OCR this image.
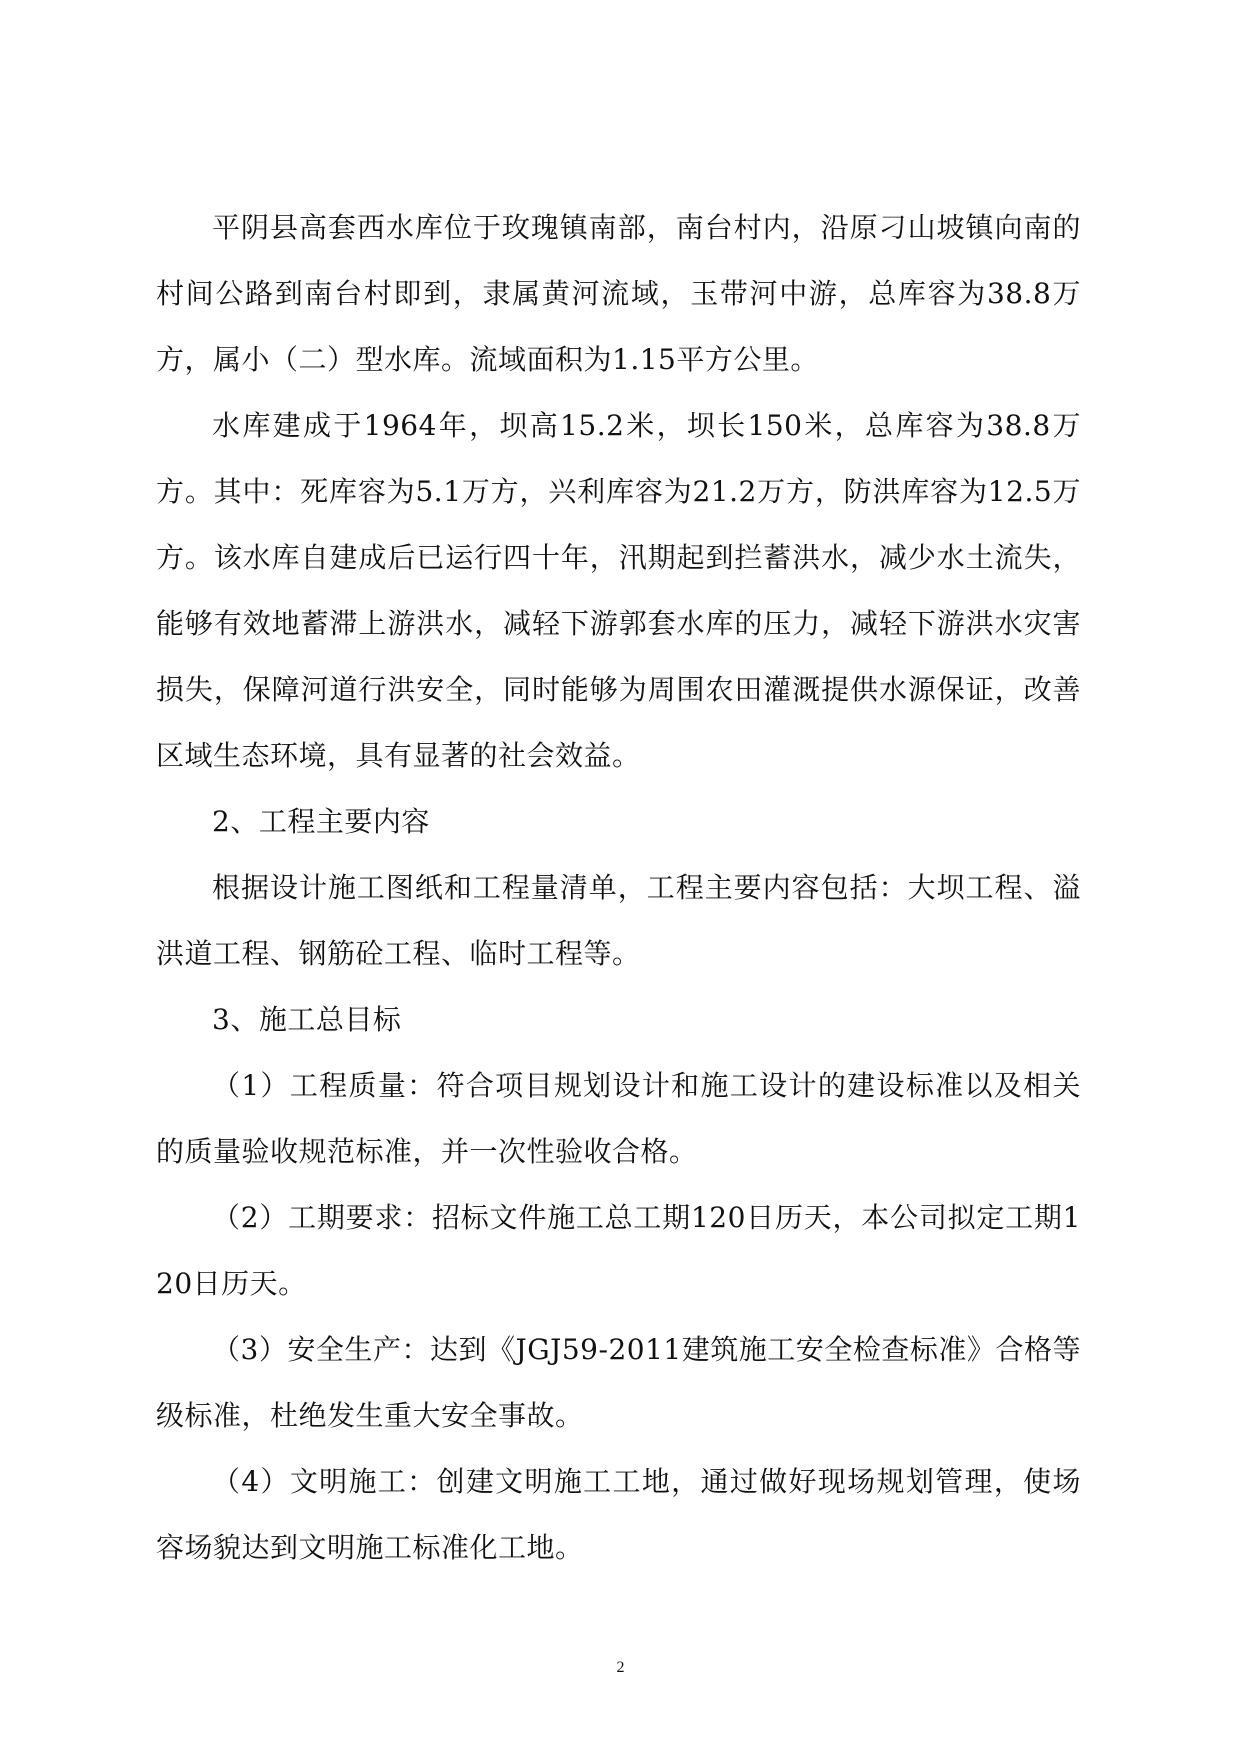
平阴县高套西水库位于玫瑰镇南部，南台村内，沿原刁山坡镇向南的村间公路到南台村即到，隶属黄河流域，玉带河中游，总库容为38.8万方，属小（二）型水库。流域面积为1.15平方公里。

水库建成于1964年，坝高15.2米，坝长150米，总库容为38.8万方。其中：死库容为5.1万方，兴利库容为21.2万方，防洪库容为12.5万方。该水库自建成后已运行四十年，汛期起到拦蓄洪水，减少水土流失，能够有效地蓄滞上游洪水，减轻下游郭套水库的压力，减轻下游洪水灾害损失，保障河道行洪安全，同时能够为周围农田灌溉提供水源保证，改善区域生态环境，具有显著的社会效益。

2、工程主要内容

根据设计施工图纸和工程量清单，工程主要内容包括：大坝工程、溢洪道工程、钢筋砼工程、临时工程等。

3、施工总目标

（1）工程质量：符合项目规划设计和施工设计的建设标准以及相关的质量验收规范标准，并一次性验收合格。

（2）工期要求：招标文件施工总工期120日历天，本公司拟定工期120日历天。

（3）安全生产：达到《JGJ59-2011建筑施工安全检查标准》合格等级标准，杜绝发生重大安全事故。

（4）文明施工：创建文明施工工地，通过做好现场规划管理，使场容场貌达到文明施工标准化工地。

2
